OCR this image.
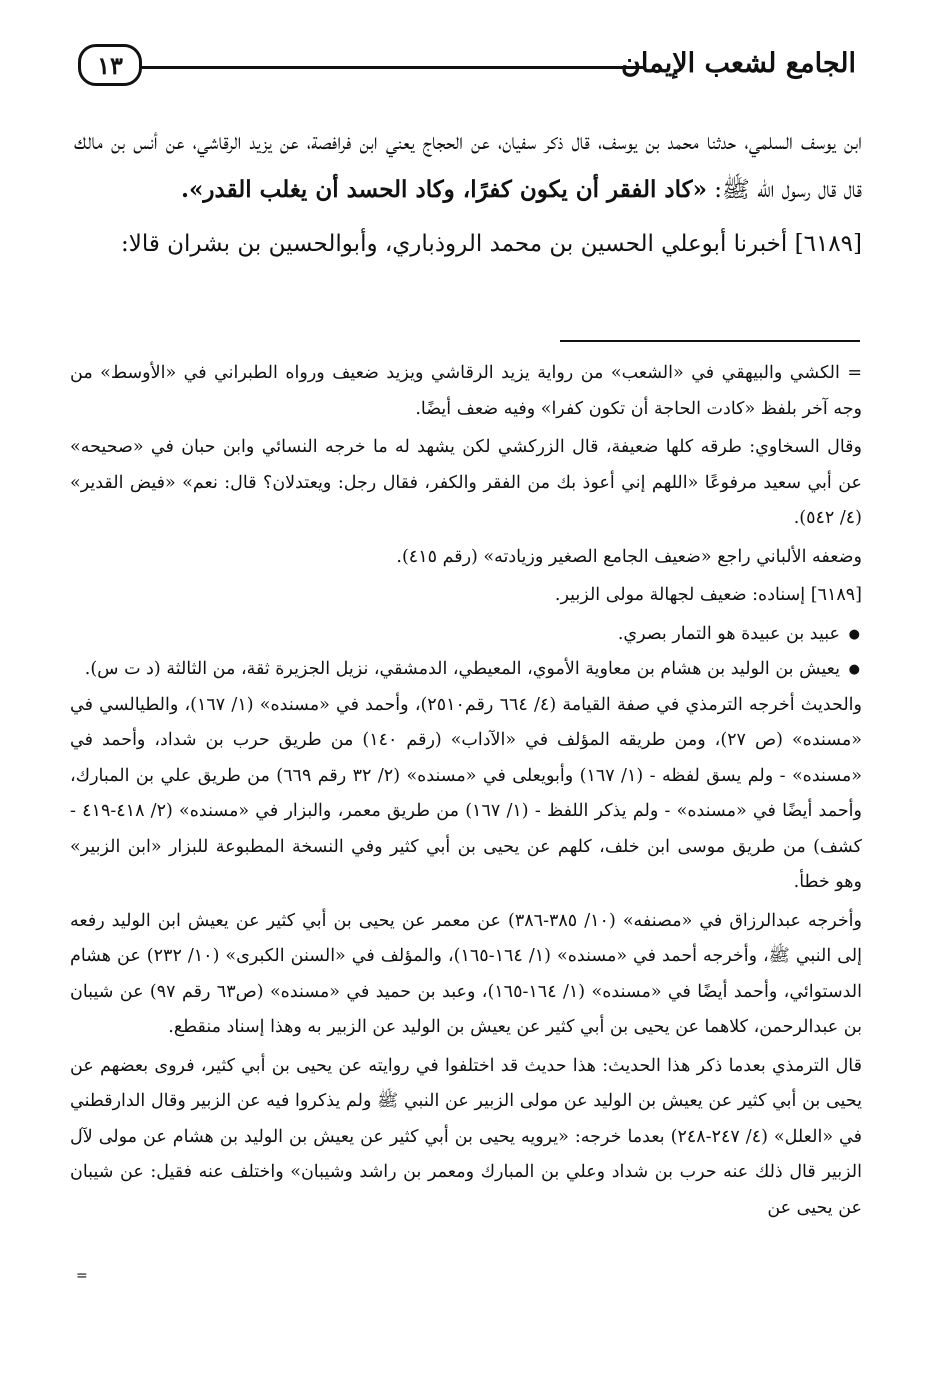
الجامع لشعب الإيمان
١٣

ابن يوسف السلمي، حدثنا محمد بن يوسف، قال ذكر سفيان، عن الحجاج يعني ابن فرافصة، عن يزيد الرقاشي، عن أنس بن مالك قال قال رسول الله ﷺ: «كاد الفقر أن يكون كفرًا، وكاد الحسد أن يغلب القدر».

[٦١٨٩] أخبرنا أبوعلي الحسين بن محمد الروذباري، وأبوالحسين بن بشران قالا:

= الكشي والبيهقي في «الشعب» من رواية يزيد الرقاشي ويزيد ضعيف ورواه الطبراني في «الأوسط» من وجه آخر بلفظ «كادت الحاجة أن تكون كفرا» وفيه ضعف أيضًا.

وقال السخاوي: طرقه كلها ضعيفة، قال الزركشي لكن يشهد له ما خرجه النسائي وابن حبان في «صحيحه» عن أبي سعيد مرفوعًا «اللهم إني أعوذ بك من الفقر والكفر، فقال رجل: ويعتدلان؟ قال: نعم» «فيض القدير» (٤/ ٥٤٢).

وضعفه الألباني راجع «ضعيف الجامع الصغير وزيادته» (رقم ٤١٥).

[٦١٨٩] إسناده: ضعيف لجهالة مولى الزبير.

●
عبيد بن عبيدة هو التمار بصري.
●
يعيش بن الوليد بن هشام بن معاوية الأموي، المعيطي، الدمشقي، نزيل الجزيرة ثقة، من الثالثة (د ت س).

والحديث أخرجه الترمذي في صفة القيامة (٤/ ٦٦٤ رقم٢٥١٠)، وأحمد في «مسنده» (١/ ١٦٧)، والطيالسي في «مسنده» (ص ٢٧)، ومن طريقه المؤلف في «الآداب» (رقم ١٤٠) من طريق حرب بن شداد، وأحمد في «مسنده» - ولم يسق لفظه - (١/ ١٦٧) وأبويعلى في «مسنده» (٢/ ٣٢ رقم ٦٦٩) من طريق علي بن المبارك، وأحمد أيضًا في «مسنده» - ولم يذكر اللفظ - (١/ ١٦٧) من طريق معمر، والبزار في «مسنده» (٢/ ٤١٨-٤١٩ - كشف) من طريق موسى ابن خلف، كلهم عن يحيى بن أبي كثير وفي النسخة المطبوعة للبزار «ابن الزبير» وهو خطأ.

وأخرجه عبدالرزاق في «مصنفه» (١٠/ ٣٨٥-٣٨٦) عن معمر عن يحيى بن أبي كثير عن يعيش ابن الوليد رفعه إلى النبي ﷺ، وأخرجه أحمد في «مسنده» (١/ ١٦٤-١٦٥)، والمؤلف في «السنن الكبرى» (١٠/ ٢٣٢) عن هشام الدستوائي، وأحمد أيضًا في «مسنده» (١/ ١٦٤-١٦٥)، وعبد بن حميد في «مسنده» (ص٦٣ رقم ٩٧) عن شيبان بن عبدالرحمن، كلاهما عن يحيى بن أبي كثير عن يعيش بن الوليد عن الزبير به وهذا إسناد منقطع.

قال الترمذي بعدما ذكر هذا الحديث: هذا حديث قد اختلفوا في روايته عن يحيى بن أبي كثير، فروى بعضهم عن يحيى بن أبي كثير عن يعيش بن الوليد عن مولى الزبير عن النبي ﷺ ولم يذكروا فيه عن الزبير وقال الدارقطني في «العلل» (٤/ ٢٤٧-٢٤٨) بعدما خرجه: «يرويه يحيى بن أبي كثير عن يعيش بن الوليد بن هشام عن مولى لآل الزبير قال ذلك عنه حرب بن شداد وعلي بن المبارك ومعمر بن راشد وشيبان» واختلف عنه فقيل: عن شيبان عن يحيى عن

=
